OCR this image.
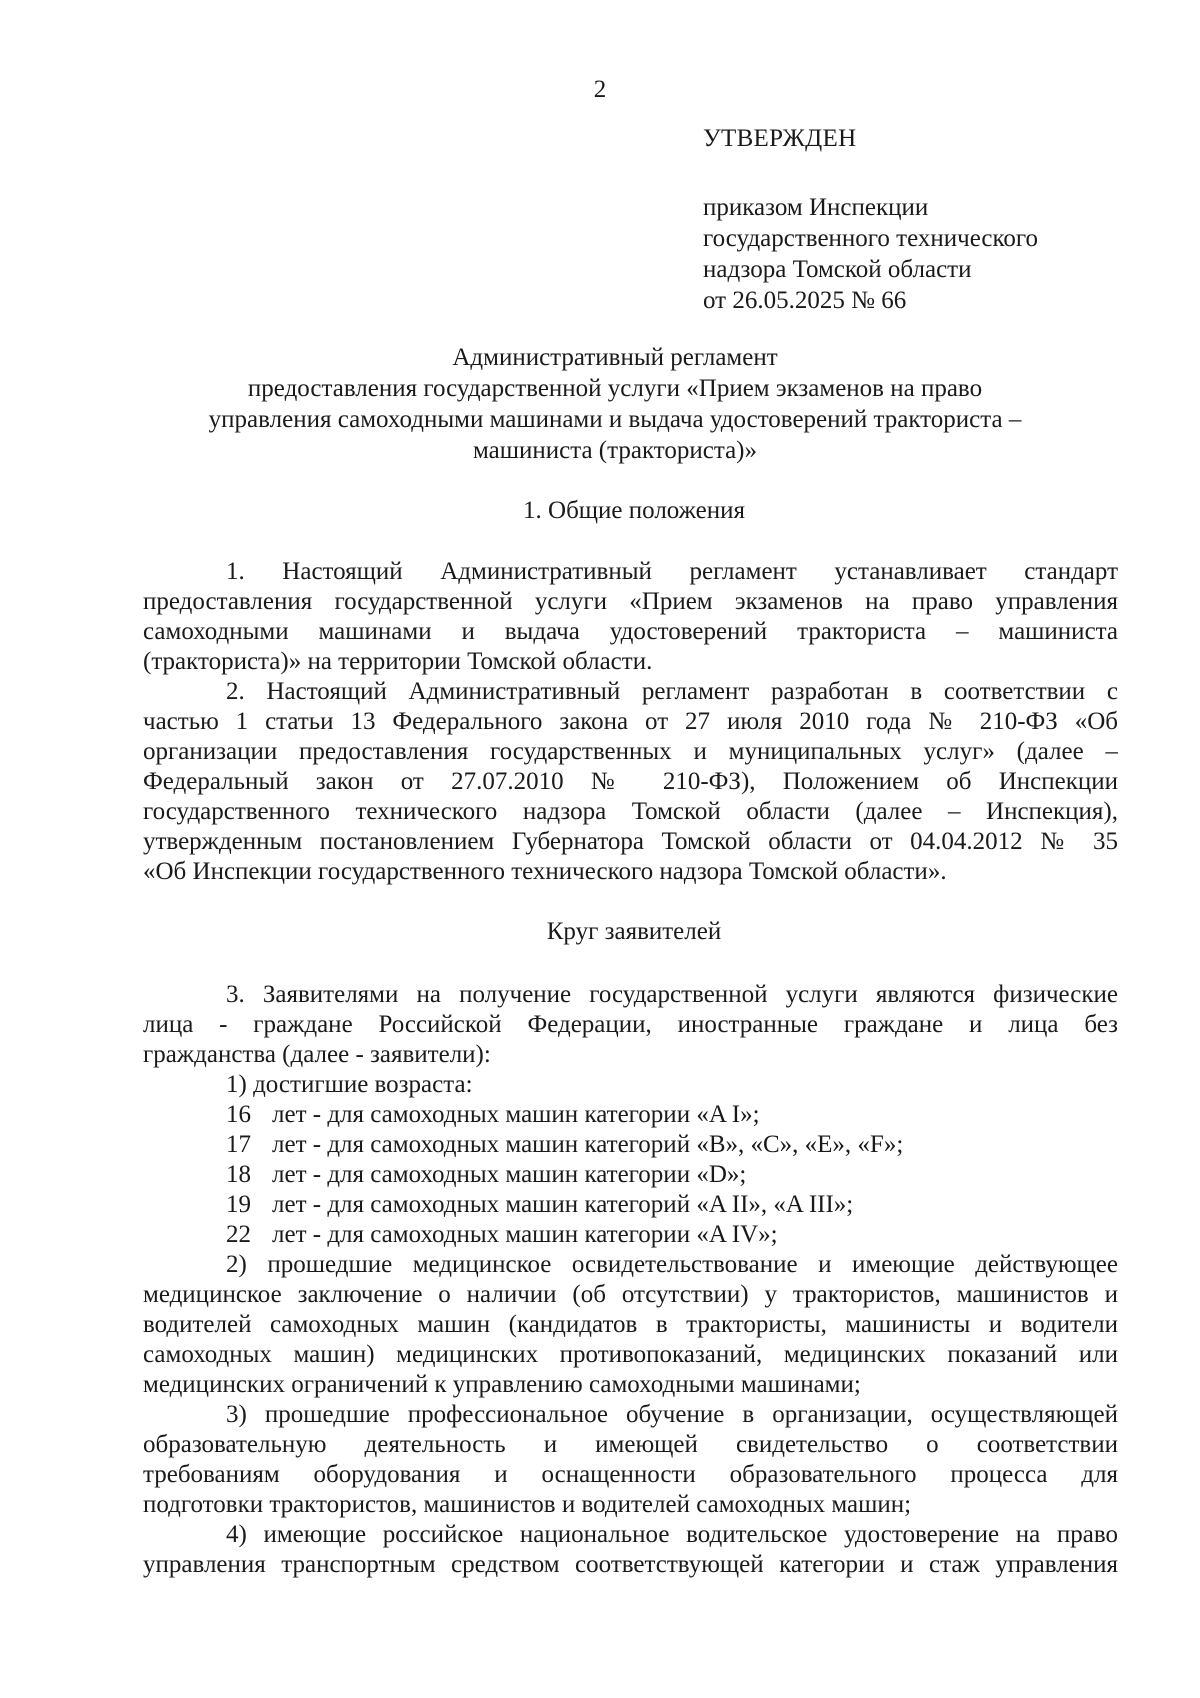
2
УТВЕРЖДЕН
приказом Инспекции
государственного технического
надзора Томской области
от 26.05.2025 № 66
Административный регламент
предоставления государственной услуги «Прием экзаменов на право
управления самоходными машинами и выдача удостоверений тракториста –
машиниста (тракториста)»
1. Общие положения
1. Настоящий Административный регламент устанавливает стандарт
предоставления государственной услуги «Прием экзаменов на право управления
самоходными машинами и выдача удостоверений тракториста – машиниста
(тракториста)» на территории Томской области.
2. Настоящий Административный регламент разработан в соответствии с
частью 1 статьи 13 Федерального закона от 27 июля 2010 года № 210-ФЗ «Об
организации предоставления государственных и муниципальных услуг» (далее –
Федеральный закон от 27.07.2010 № 210-ФЗ), Положением об Инспекции
государственного технического надзора Томской области (далее – Инспекция),
утвержденным постановлением Губернатора Томской области от 04.04.2012 № 35
«Об Инспекции государственного технического надзора Томской области».
Круг заявителей
3. Заявителями на получение государственной услуги являются физические
лица - граждане Российской Федерации, иностранные граждане и лица без
гражданства (далее - заявители):
1) достигшие возраста:
16 лет - для самоходных машин категории «A I»;
17 лет - для самоходных машин категорий «B», «C», «E», «F»;
18 лет - для самоходных машин категории «D»;
19 лет - для самоходных машин категорий «A II», «A III»;
22 лет - для самоходных машин категории «A IV»;
2) прошедшие медицинское освидетельствование и имеющие действующее
медицинское заключение о наличии (об отсутствии) у трактористов, машинистов и
водителей самоходных машин (кандидатов в трактористы, машинисты и водители
самоходных машин) медицинских противопоказаний, медицинских показаний или
медицинских ограничений к управлению самоходными машинами;
3) прошедшие профессиональное обучение в организации, осуществляющей
образовательную деятельность и имеющей свидетельство о соответствии
требованиям оборудования и оснащенности образовательного процесса для
подготовки трактористов, машинистов и водителей самоходных машин;
4) имеющие российское национальное водительское удостоверение на право
управления транспортным средством соответствующей категории и стаж управления
